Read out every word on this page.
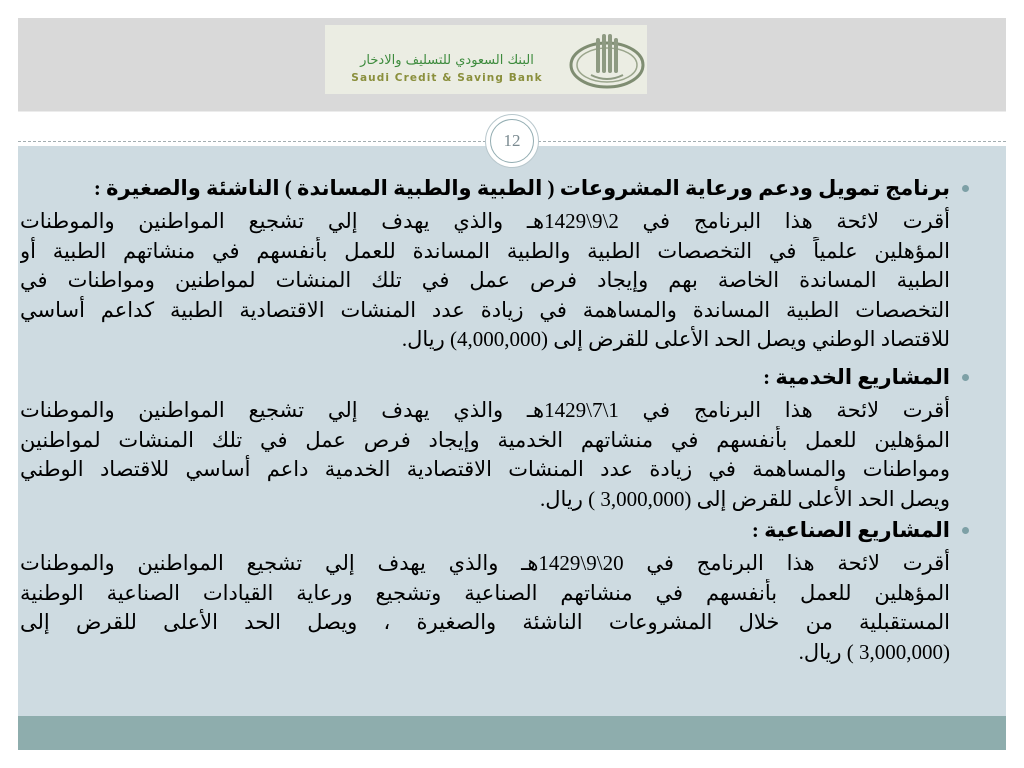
البنك السعودي للتسليف والادخار
Saudi Credit & Saving Bank
12
برنامج تمويل ودعم ورعاية المشروعات ( الطبية والطبية المساندة ) الناشئة والصغيرة :
أقرت لائحة هذا البرنامج في 2\9\1429هـ والذي يهدف إلي تشجيع المواطنين والموطنات
المؤهلين علمياً في التخصصات الطبية والطبية المساندة للعمل بأنفسهم في منشاتهم الطبية أو
الطبية المساندة الخاصة بهم وإيجاد فرص عمل في تلك المنشات لمواطنين ومواطنات في
التخصصات الطبية المساندة والمساهمة في زيادة عدد المنشات الاقتصادية الطبية كداعم أساسي
للاقتصاد الوطني ويصل الحد الأعلى للقرض إلى (4,000,000) ريال.
المشاريع الخدمية :
أقرت لائحة هذا البرنامج في 1\7\1429هـ والذي يهدف إلي تشجيع المواطنين والموطنات
المؤهلين للعمل بأنفسهم في منشاتهم الخدمية وإيجاد فرص عمل في تلك المنشات لمواطنين
ومواطنات والمساهمة في زيادة عدد المنشات الاقتصادية الخدمية داعم أساسي للاقتصاد الوطني
ويصل الحد الأعلى للقرض إلى (3,000,000 ) ريال.
المشاريع الصناعية :
أقرت لائحة هذا البرنامج في 20\9\1429هـ والذي يهدف إلي تشجيع المواطنين والموطنات
المؤهلين للعمل بأنفسهم في منشاتهم الصناعية وتشجيع ورعاية القيادات الصناعية الوطنية
المستقبلية من خلال المشروعات الناشئة والصغيرة ، ويصل الحد الأعلى للقرض إلى
(3,000,000 ) ريال.
